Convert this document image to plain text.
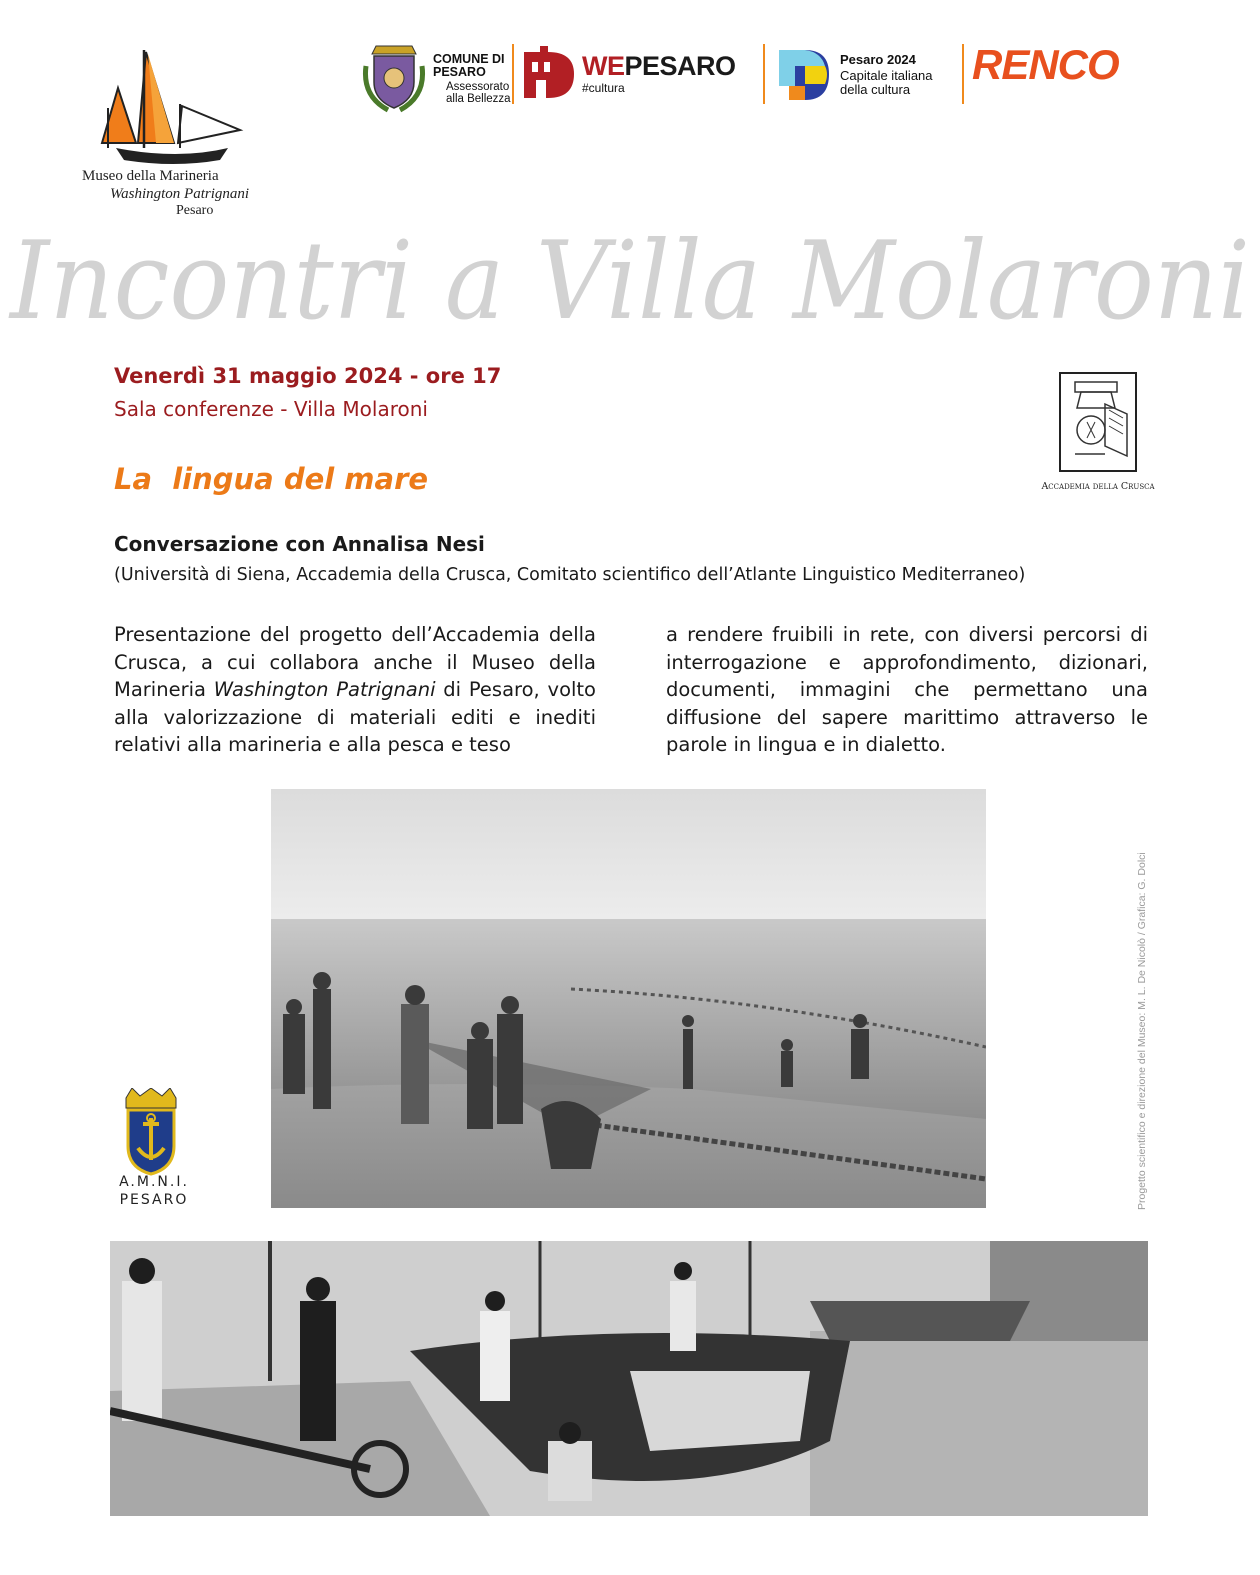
Museo della Marineria
Washington Patrignani
Pesaro
COMUNE DI PESARO
Assessorato alla Bellezza
WEPESARO
#cultura
Pesaro 2024
Capitale italiana della cultura
RENCO
Incontri a Villa Molaroni
Venerdì 31 maggio 2024 - ore 17
Sala conferenze - Villa Molaroni
La  lingua del mare
Conversazione con Annalisa Nesi
(Università di Siena, Accademia della Crusca, Comitato scientifico dell’Atlante Linguistico Mediterraneo)
Accademia della Crusca
Presentazione del progetto dell’Accademia della Crusca, a cui collabora anche il Museo della Marineria Washington Patrignani di Pesaro, volto alla valorizzazione di materiali editi e inediti relativi alla marineria e alla pesca e teso
a rendere fruibili in rete, con diversi percorsi di interrogazione e approfondimento, dizionari, documenti, immagini che permettano una diffusione del sapere marittimo attraverso le parole in lingua e in dialetto.
A.M.N.I.
PESARO	Progetto scientifico e direzione del Museo: M. L. De Nicolò / Grafica: G. Dolci
